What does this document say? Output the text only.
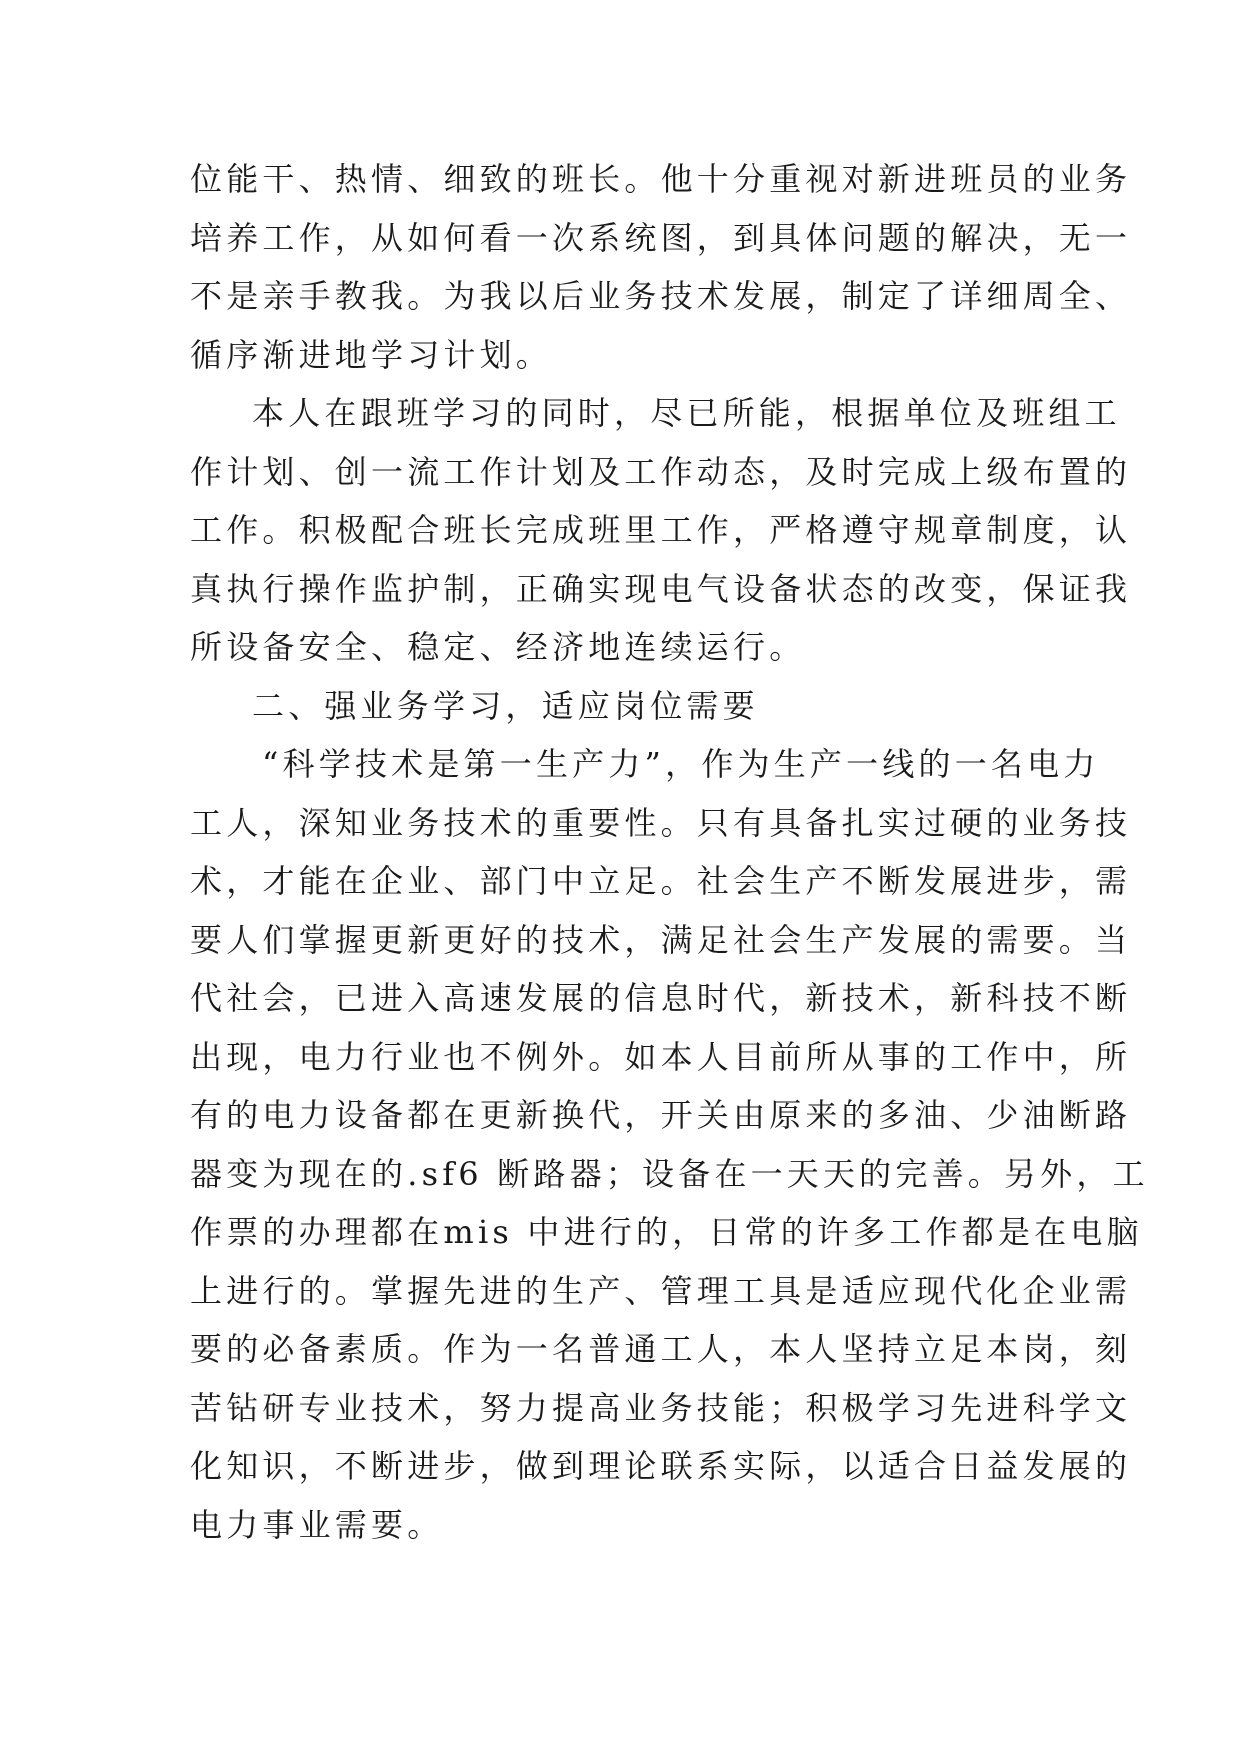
位能干、热情、细致的班长。他十分重视对新进班员的业务
培养工作，从如何看一次系统图，到具体问题的解决，无一
不是亲手教我。为我以后业务技术发展，制定了详细周全、
循序渐进地学习计划。
本人在跟班学习的同时，尽已所能，根据单位及班组工
作计划、创一流工作计划及工作动态，及时完成上级布置的
工作。积极配合班长完成班里工作，严格遵守规章制度，认
真执行操作监护制，正确实现电气设备状态的改变，保证我
所设备安全、稳定、经济地连续运行。
二、强业务学习，适应岗位需要
“科学技术是第一生产力”，作为生产一线的一名电力
工人，深知业务技术的重要性。只有具备扎实过硬的业务技
术，才能在企业、部门中立足。社会生产不断发展进步，需
要人们掌握更新更好的技术，满足社会生产发展的需要。当
代社会，已进入高速发展的信息时代，新技术，新科技不断
出现，电力行业也不例外。如本人目前所从事的工作中，所
有的电力设备都在更新换代，开关由原来的多油、少油断路
器变为现在的.sf6 断路器；设备在一天天的完善。另外，工
作票的办理都在mis 中进行的，日常的许多工作都是在电脑
上进行的。掌握先进的生产、管理工具是适应现代化企业需
要的必备素质。作为一名普通工人，本人坚持立足本岗，刻
苦钻研专业技术，努力提高业务技能；积极学习先进科学文
化知识，不断进步，做到理论联系实际，以适合日益发展的
电力事业需要。
